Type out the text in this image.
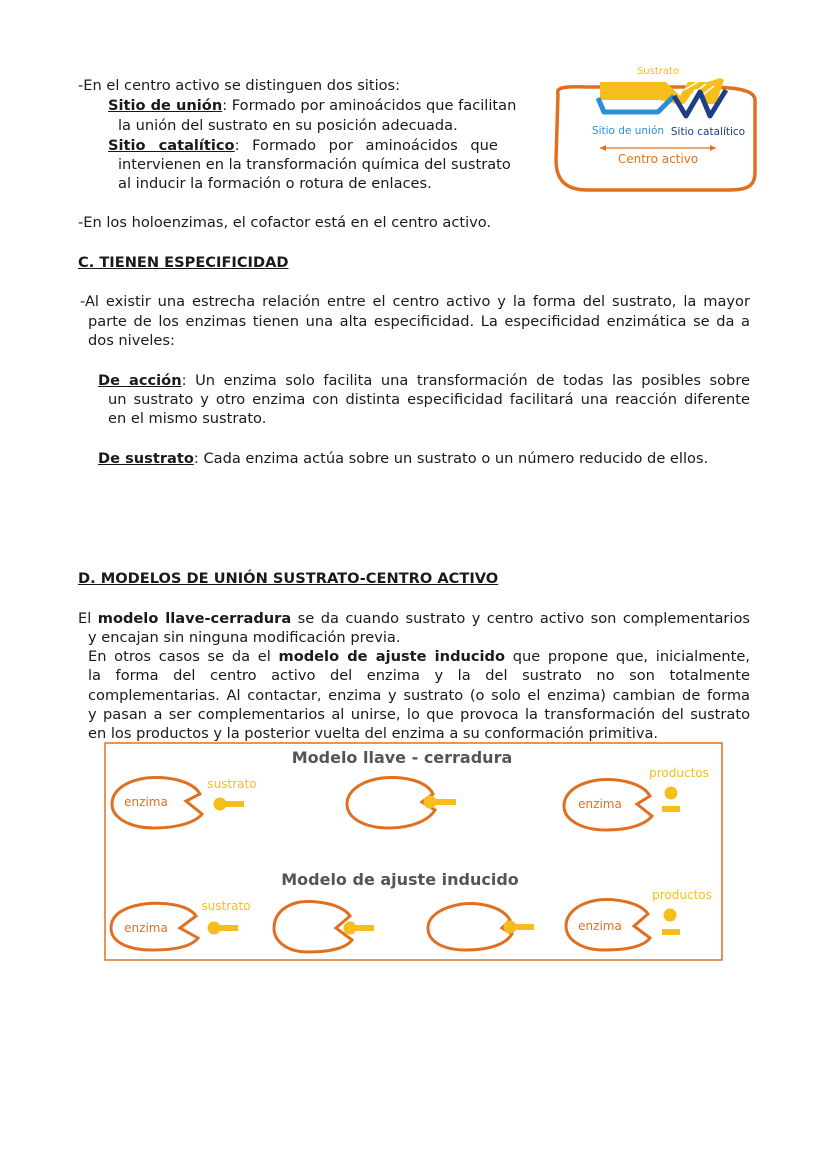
-En el centro activo se distinguen dos sitios:
Sitio de unión: Formado por aminoácidos que facilitan
la unión del sustrato en su posición adecuada.
Sitio catalítico: Formado por aminoácidos que
intervienen en la transformación química del sustrato
al inducir la formación o rotura de enlaces.
-En los holoenzimas, el cofactor está en el centro activo.
Sustrato
Sitio de unión Sitio catalítico
Centro activo
C. TIENEN ESPECIFICIDAD
-Al existir una estrecha relación entre el centro activo y la forma del sustrato, la mayor
parte de los enzimas tienen una alta especificidad. La especificidad enzimática se da a
dos niveles:
De acción: Un enzima solo facilita una transformación de todas las posibles sobre
un sustrato y otro enzima con distinta especificidad facilitará una reacción diferente
en el mismo sustrato.
De sustrato: Cada enzima actúa sobre un sustrato o un número reducido de ellos.
D. MODELOS DE UNIÓN SUSTRATO-CENTRO ACTIVO
El modelo llave-cerradura se da cuando sustrato y centro activo son complementarios
y encajan sin ninguna modificación previa.
En otros casos se da el modelo de ajuste inducido que propone que, inicialmente,
la forma del centro activo del enzima y la del sustrato no son totalmente
complementarias. Al contactar, enzima y sustrato (o solo el enzima) cambian de forma
y pasan a ser complementarios al unirse, lo que provoca la transformación del sustrato
en los productos y la posterior vuelta del enzima a su conformación primitiva.
Modelo llave - cerradura
enzima
sustrato
enzima
productos
Modelo de ajuste inducido
enzima
sustrato
enzima
productos
